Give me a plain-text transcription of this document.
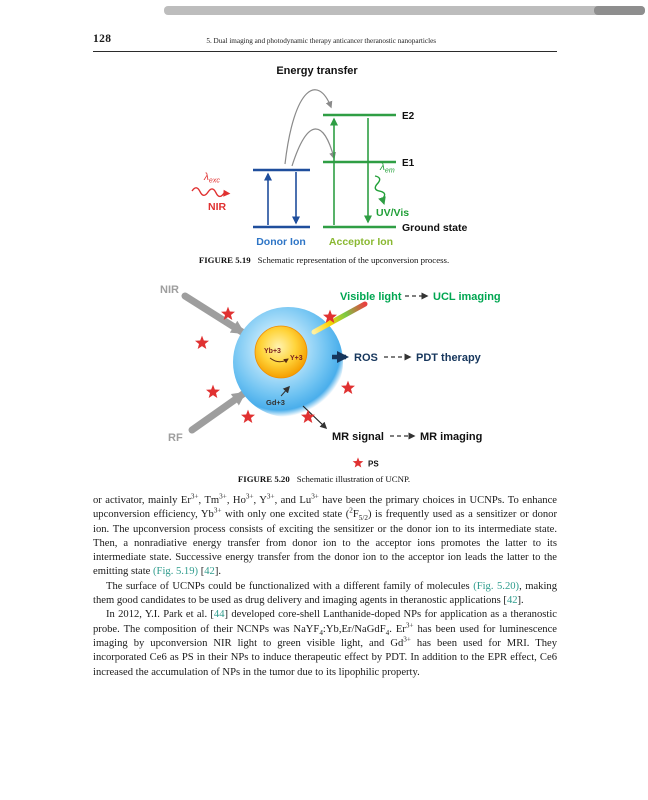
128	5. Dual imaging and photodynamic therapy anticancer theranostic nanoparticles
Energy transfer
$\lambda_{exc}$
NIR
E2
E1
$\lambda_{em}$
UV/Vis
Ground state
Donor Ion Acceptor Ion
FIGURE 5.19 Schematic representation of the upconversion process.
NIR
RF
Yb+3
Y+3
Gd+3
Visible light	UCL imaging
ROS	PDT therapy
MR signal	MR imaging
PS
FIGURE 5.20 Schematic illustration of UCNP.

or activator, mainly $Er^{3+}$, $Tm^{3+}$, $Ho^{3+}$, $Y^{3+}$, and $Lu^{3+}$ have been the primary choices in UCNPs. To enhance upconversion efficiency, $Yb^{3+}$ with only one excited state $(^2F_{5/2})$ is frequently used as a sensitizer or donor ion. The upconversion process consists of exciting the sensitizer or the donor ion to its intermediate state. Then, a nonradiative energy transfer from donor ion to the acceptor ions promotes the latter to its intermediate state. Successive energy transfer from the donor ion to the acceptor ion leads the latter to the emitting state (Fig. 5.19) [42].

The surface of UCNPs could be functionalized with a different family of molecules (Fig. 5.20), making them good candidates to be used as drug delivery and imaging agents in theranostic applications [42].

In 2012, Y.I. Park et al. [44] developed core-shell Lanthanide-doped NPs for application as a theranostic probe. The composition of their NCNPs was NaYF$_4$:Yb,Er/NaGdF$_4$. $Er^{3+}$ has been used for luminescence imaging by upconversion NIR light to green visible light, and $Gd^{3+}$ has been used for MRI. They incorporated Ce6 as PS in their NPs to induce therapeutic effect by PDT. In addition to the EPR effect, Ce6 increased the accumulation of NPs in the tumor due to its lipophilic property.
